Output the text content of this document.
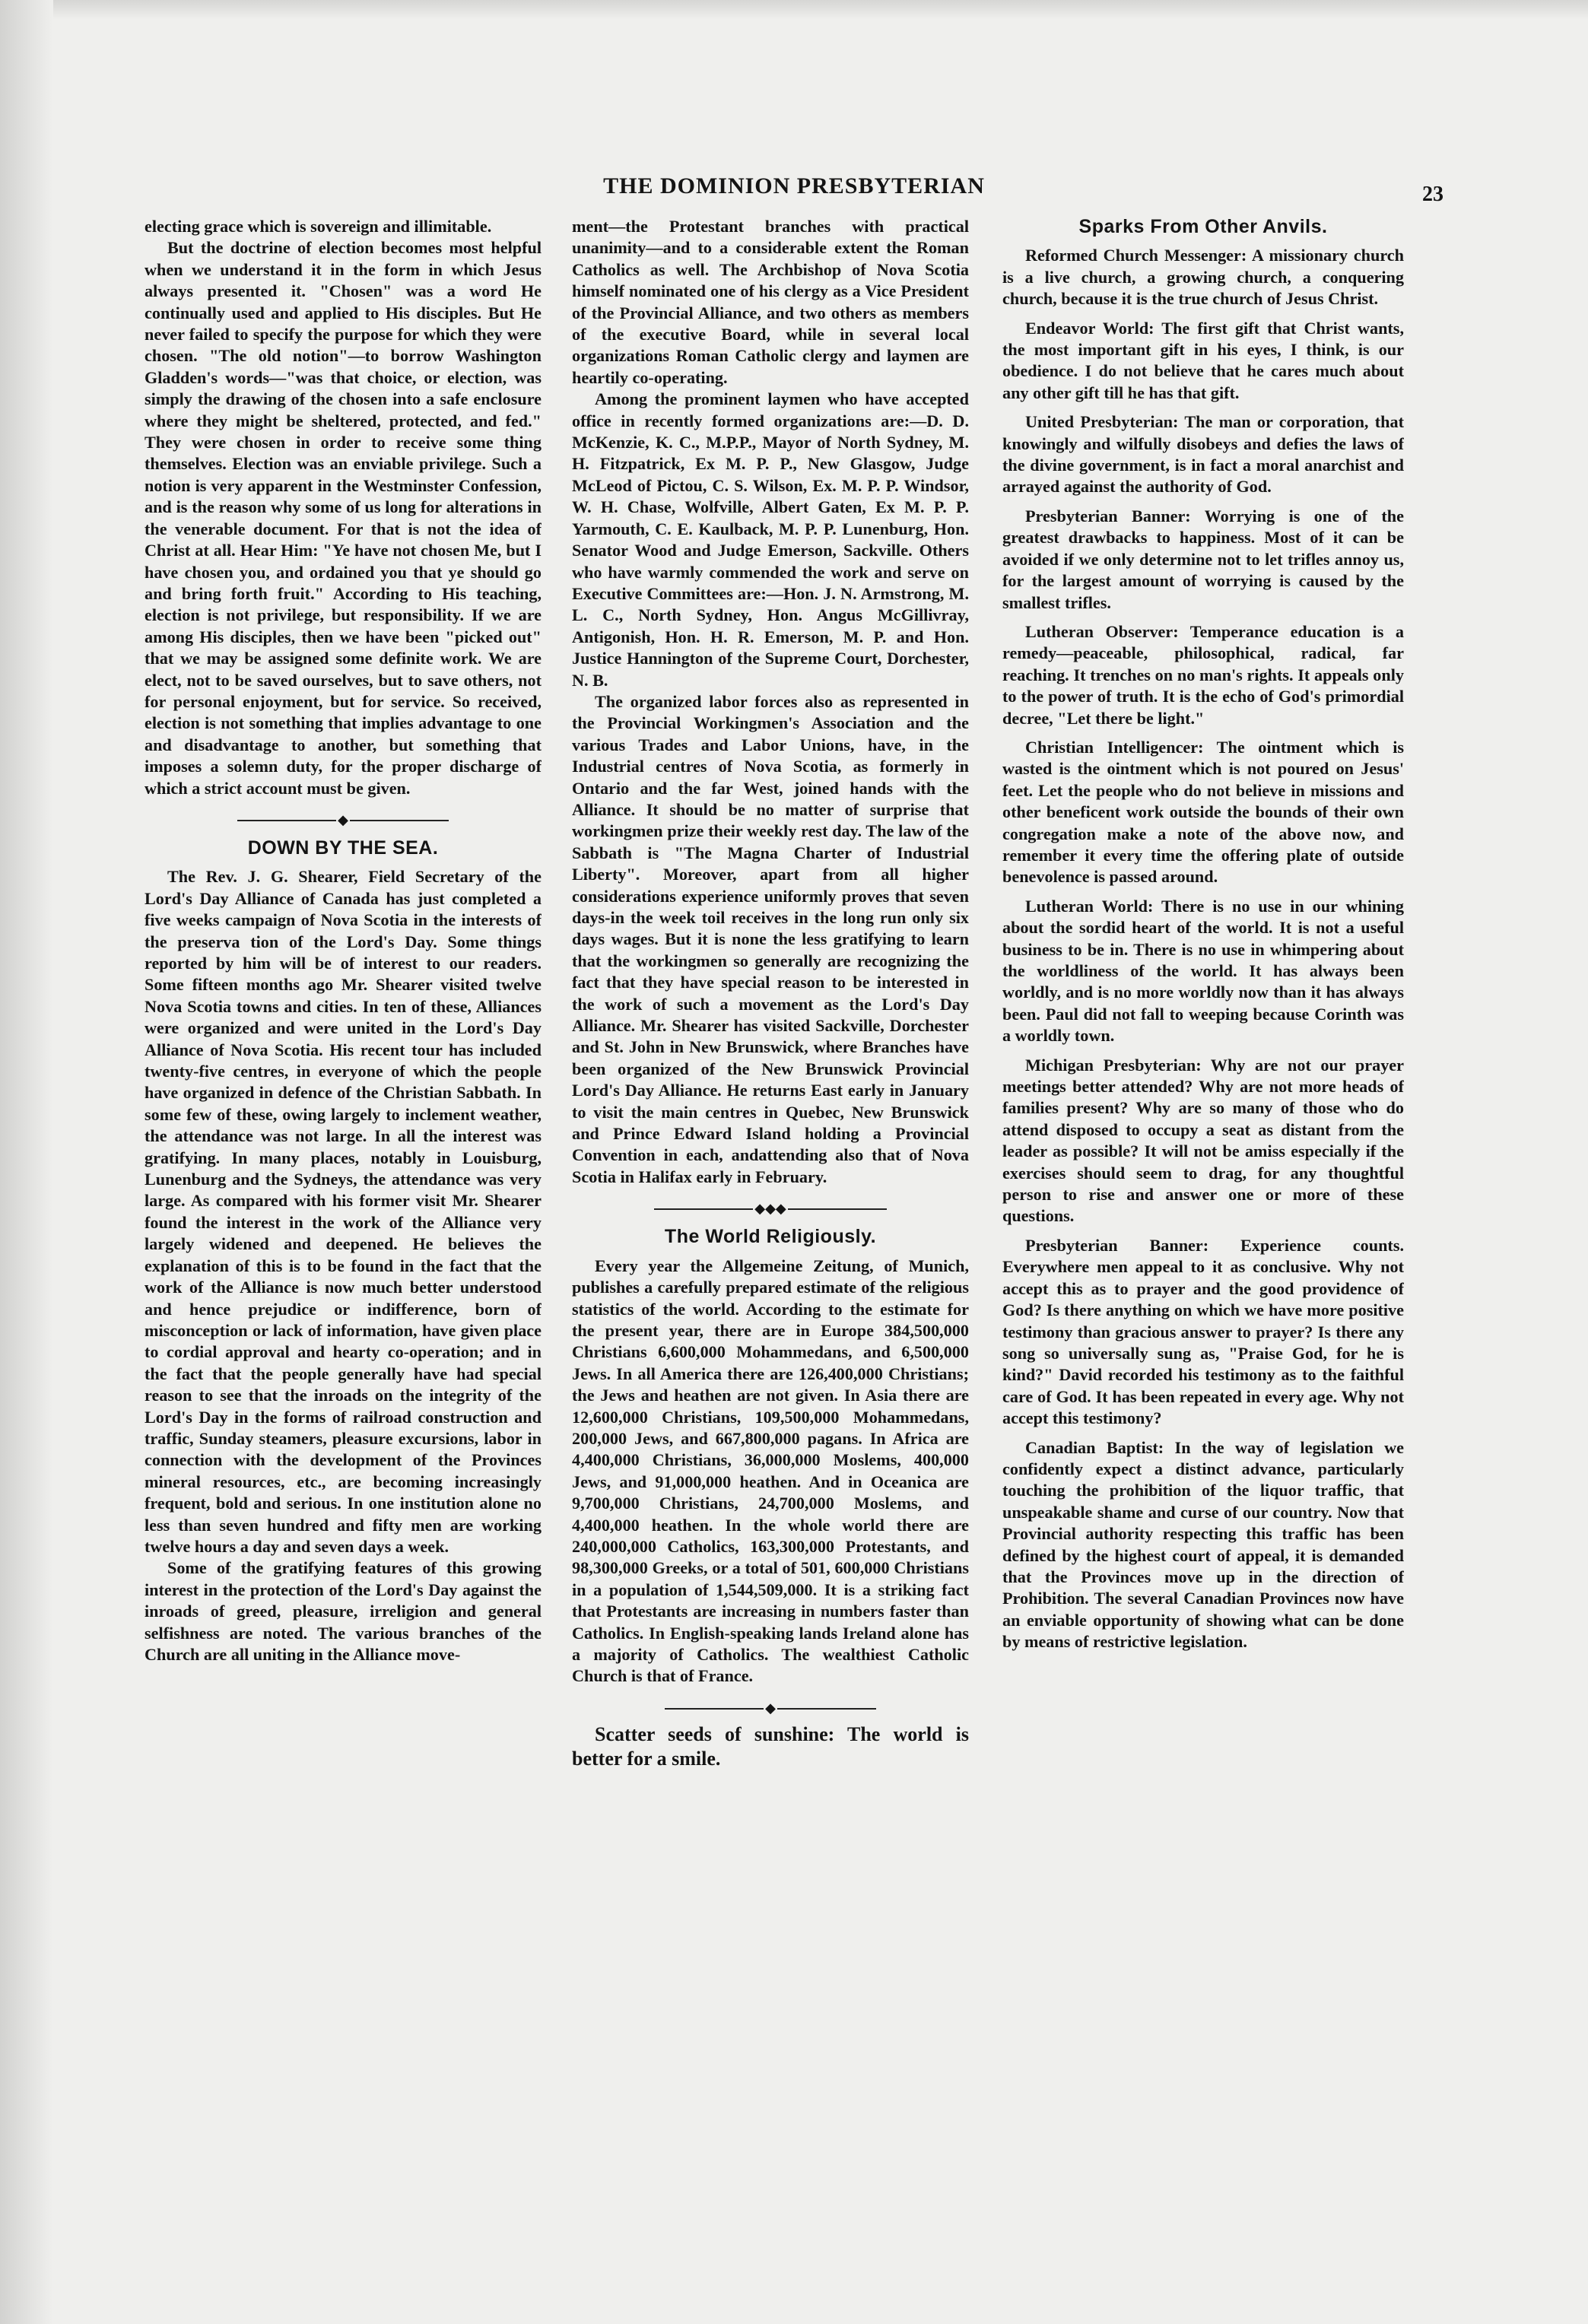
THE DOMINION PRESBYTERIAN	23

electing grace which is sovereign and illimitable.

But the doctrine of election becomes most helpful when we understand it in the form in which Jesus always presented it. "Chosen" was a word He continually used and applied to His disciples. But He never failed to specify the purpose for which they were chosen. "The old notion"—to borrow Washington Gladden's words—"was that choice, or election, was simply the drawing of the chosen into a safe enclosure where they might be sheltered, protected, and fed." They were chosen in order to receive some thing themselves. Election was an enviable privilege. Such a notion is very apparent in the Westminster Confession, and is the reason why some of us long for alterations in the venerable document. For that is not the idea of Christ at all. Hear Him: "Ye have not chosen Me, but I have chosen you, and ordained you that ye should go and bring forth fruit." According to His teaching, election is not privilege, but responsibility. If we are among His disciples, then we have been "picked out" that we may be assigned some definite work. We are elect, not to be saved ourselves, but to save others, not for personal enjoyment, but for service. So received, election is not something that implies advantage to one and disadvantage to another, but something that imposes a solemn duty, for the proper discharge of which a strict account must be given.

◆
DOWN BY THE SEA.

The Rev. J. G. Shearer, Field Secretary of the Lord's Day Alliance of Canada has just completed a five weeks campaign of Nova Scotia in the interests of the preserva tion of the Lord's Day. Some things reported by him will be of interest to our readers. Some fifteen months ago Mr. Shearer visited twelve Nova Scotia towns and cities. In ten of these, Alliances were organized and were united in the Lord's Day Alliance of Nova Scotia. His recent tour has included twenty-five centres, in everyone of which the people have organized in defence of the Christian Sabbath. In some few of these, owing largely to inclement weather, the attendance was not large. In all the interest was gratifying. In many places, notably in Louisburg, Lunenburg and the Sydneys, the attendance was very large. As compared with his former visit Mr. Shearer found the interest in the work of the Alliance very largely widened and deepened. He believes the explanation of this is to be found in the fact that the work of the Alliance is now much better understood and hence prejudice or indifference, born of misconception or lack of information, have given place to cordial approval and hearty co-operation; and in the fact that the people generally have had special reason to see that the inroads on the integrity of the Lord's Day in the forms of railroad construction and traffic, Sunday steamers, pleasure excursions, labor in connection with the development of the Provinces mineral resources, etc., are becoming increasingly frequent, bold and serious. In one institution alone no less than seven hundred and fifty men are working twelve hours a day and seven days a week.

Some of the gratifying features of this growing interest in the protection of the Lord's Day against the inroads of greed, pleasure, irreligion and general selfishness are noted. The various branches of the Church are all uniting in the Alliance move-

ment—the Protestant branches with practical unanimity—and to a considerable extent the Roman Catholics as well. The Archbishop of Nova Scotia himself nominated one of his clergy as a Vice President of the Provincial Alliance, and two others as members of the executive Board, while in several local organizations Roman Catholic clergy and laymen are heartily co-operating.

Among the prominent laymen who have accepted office in recently formed organizations are:—D. D. McKenzie, K. C., M.P.P., Mayor of North Sydney, M. H. Fitzpatrick, Ex M. P. P., New Glasgow, Judge McLeod of Pictou, C. S. Wilson, Ex. M. P. P. Windsor, W. H. Chase, Wolfville, Albert Gaten, Ex M. P. P. Yarmouth, C. E. Kaulback, M. P. P. Lunenburg, Hon. Senator Wood and Judge Emerson, Sackville. Others who have warmly commended the work and serve on Executive Committees are:—Hon. J. N. Armstrong, M. L. C., North Sydney, Hon. Angus McGillivray, Antigonish, Hon. H. R. Emerson, M. P. and Hon. Justice Hannington of the Supreme Court, Dorchester, N. B.

The organized labor forces also as represented in the Provincial Workingmen's Association and the various Trades and Labor Unions, have, in the Industrial centres of Nova Scotia, as formerly in Ontario and the far West, joined hands with the Alliance. It should be no matter of surprise that workingmen prize their weekly rest day. The law of the Sabbath is "The Magna Charter of Industrial Liberty". Moreover, apart from all higher considerations experience uniformly proves that seven days-in the week toil receives in the long run only six days wages. But it is none the less gratifying to learn that the workingmen so generally are recognizing the fact that they have special reason to be interested in the work of such a movement as the Lord's Day Alliance. Mr. Shearer has visited Sackville, Dorchester and St. John in New Brunswick, where Branches have been organized of the New Brunswick Provincial Lord's Day Alliance. He returns East early in January to visit the main centres in Quebec, New Brunswick and Prince Edward Island holding a Provincial Convention in each, andattending also that of Nova Scotia in Halifax early in February.

◆◆◆
The World Religiously.

Every year the Allgemeine Zeitung, of Munich, publishes a carefully prepared estimate of the religious statistics of the world. According to the estimate for the present year, there are in Europe 384,500,000 Christians 6,600,000 Mohammedans, and 6,500,000 Jews. In all America there are 126,400,000 Christians; the Jews and heathen are not given. In Asia there are 12,600,000 Christians, 109,500,000 Mohammedans, 200,000 Jews, and 667,800,000 pagans. In Africa are 4,400,000 Christians, 36,000,000 Moslems, 400,000 Jews, and 91,000,000 heathen. And in Oceanica are 9,700,000 Christians, 24,700,000 Moslems, and 4,400,000 heathen. In the whole world there are 240,000,000 Catholics, 163,300,000 Protestants, and 98,300,000 Greeks, or a total of 501, 600,000 Christians in a population of 1,544,509,000. It is a striking fact that Protestants are increasing in numbers faster than Catholics. In English-speaking lands Ireland alone has a majority of Catholics. The wealthiest Catholic Church is that of France.

◆

Scatter seeds of sunshine: The world is better for a smile.

Sparks From Other Anvils.

Reformed Church Messenger: A missionary church is a live church, a growing church, a conquering church, because it is the true church of Jesus Christ.

Endeavor World: The first gift that Christ wants, the most important gift in his eyes, I think, is our obedience. I do not believe that he cares much about any other gift till he has that gift.

United Presbyterian: The man or corporation, that knowingly and wilfully disobeys and defies the laws of the divine government, is in fact a moral anarchist and arrayed against the authority of God.

Presbyterian Banner: Worrying is one of the greatest drawbacks to happiness. Most of it can be avoided if we only determine not to let trifles annoy us, for the largest amount of worrying is caused by the smallest trifles.

Lutheran Observer: Temperance education is a remedy—peaceable, philosophical, radical, far reaching. It trenches on no man's rights. It appeals only to the power of truth. It is the echo of God's primordial decree, "Let there be light."

Christian Intelligencer: The ointment which is wasted is the ointment which is not poured on Jesus' feet. Let the people who do not believe in missions and other beneficent work outside the bounds of their own congregation make a note of the above now, and remember it every time the offering plate of outside benevolence is passed around.

Lutheran World: There is no use in our whining about the sordid heart of the world. It is not a useful business to be in. There is no use in whimpering about the worldliness of the world. It has always been worldly, and is no more worldly now than it has always been. Paul did not fall to weeping because Corinth was a worldly town.

Michigan Presbyterian: Why are not our prayer meetings better attended? Why are not more heads of families present? Why are so many of those who do attend disposed to occupy a seat as distant from the leader as possible? It will not be amiss especially if the exercises should seem to drag, for any thoughtful person to rise and answer one or more of these questions.

Presbyterian Banner: Experience counts. Everywhere men appeal to it as conclusive. Why not accept this as to prayer and the good providence of God? Is there anything on which we have more positive testimony than gracious answer to prayer? Is there any song so universally sung as, "Praise God, for he is kind?" David recorded his testimony as to the faithful care of God. It has been repeated in every age. Why not accept this testimony?

Canadian Baptist: In the way of legislation we confidently expect a distinct advance, particularly touching the prohibition of the liquor traffic, that unspeakable shame and curse of our country. Now that Provincial authority respecting this traffic has been defined by the highest court of appeal, it is demanded that the Provinces move up in the direction of Prohibition. The several Canadian Provinces now have an enviable opportunity of showing what can be done by means of restrictive legislation.
